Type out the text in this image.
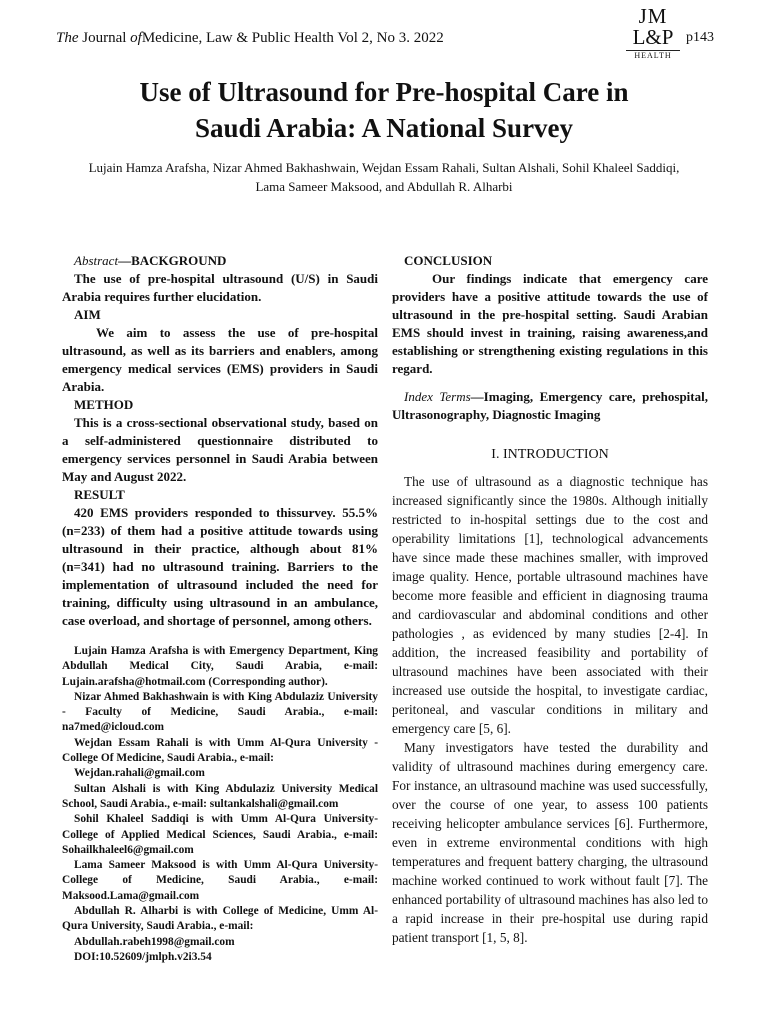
The Journal ofMedicine, Law & Public Health Vol 2, No 3. 2022
JM
L&P
HEALTH
p143
Use of Ultrasound for Pre-hospital Care in
Saudi Arabia: A National Survey
Lujain Hamza Arafsha, Nizar Ahmed Bakhashwain, Wejdan Essam Rahali, Sultan Alshali, Sohil Khaleel Saddiqi,
Lama Sameer Maksood, and Abdullah R. Alharbi

Abstract—BACKGROUND

The use of pre-hospital ultrasound (U/S) in Saudi Arabia requires further elucidation.

AIM

We aim to assess the use of pre-hospital ultrasound, as well as its barriers and enablers, among emergency medical services (EMS) providers in Saudi Arabia.

METHOD

This is a cross-sectional observational study, based on a self-administered questionnaire distributed to emergency services personnel in Saudi Arabia between May and August 2022.

RESULT

420 EMS providers responded to thissurvey. 55.5% (n=233) of them had a positive attitude towards using ultrasound in their practice, although about 81% (n=341) had no ultrasound training. Barriers to the implementation of ultrasound included the need for training, difficulty using ultrasound in an ambulance, case overload, and shortage of personnel, among others.

Lujain Hamza Arafsha is with Emergency Department, King Abdullah Medical City, Saudi Arabia, e-mail: Lujain.arafsha@hotmail.com (Corresponding author).

Nizar Ahmed Bakhashwain is with King Abdulaziz University - Faculty of Medicine, Saudi Arabia., e-mail: na7med@icloud.com

Wejdan Essam Rahali is with Umm Al-Qura University - College Of Medicine, Saudi Arabia., e-mail:

Wejdan.rahali@gmail.com

Sultan Alshali is with King Abdulaziz University Medical School, Saudi Arabia., e-mail: sultankalshali@gmail.com

Sohil Khaleel Saddiqi is with Umm Al-Qura University- College of Applied Medical Sciences, Saudi Arabia., e-mail: Sohailkhaleel6@gmail.com

Lama Sameer Maksood is with Umm Al-Qura University- College of Medicine, Saudi Arabia., e-mail: Maksood.Lama@gmail.com

Abdullah R. Alharbi is with College of Medicine, Umm Al-Qura University, Saudi Arabia., e-mail:

Abdullah.rabeh1998@gmail.com

DOI:10.52609/jmlph.v2i3.54

CONCLUSION

Our findings indicate that emergency care providers have a positive attitude towards the use of ultrasound in the pre-hospital setting. Saudi Arabian EMS should invest in training, raising awareness,and establishing or strengthening existing regulations in this regard.

Index Terms—Imaging, Emergency care, prehospital, Ultrasonography, Diagnostic Imaging

I. INTRODUCTION

The use of ultrasound as a diagnostic technique has increased significantly since the 1980s. Although initially restricted to in-hospital settings due to the cost and operability limitations [1], technological advancements have since made these machines smaller, with improved image quality. Hence, portable ultrasound machines have become more feasible and efficient in diagnosing trauma and cardiovascular and abdominal conditions and other pathologies , as evidenced by many studies [2-4]. In addition, the increased feasibility and portability of ultrasound machines have been associated with their increased use outside the hospital, to investigate cardiac, peritoneal, and vascular conditions in military and emergency care [5, 6].

Many investigators have tested the durability and validity of ultrasound machines during emergency care. For instance, an ultrasound machine was used successfully, over the course of one year, to assess 100 patients receiving helicopter ambulance services [6]. Furthermore, even in extreme environmental conditions with high temperatures and frequent battery charging, the ultrasound machine worked continued to work without fault [7]. The enhanced portability of ultrasound machines has also led to a rapid increase in their pre-hospital use during rapid patient transport [1, 5, 8].
